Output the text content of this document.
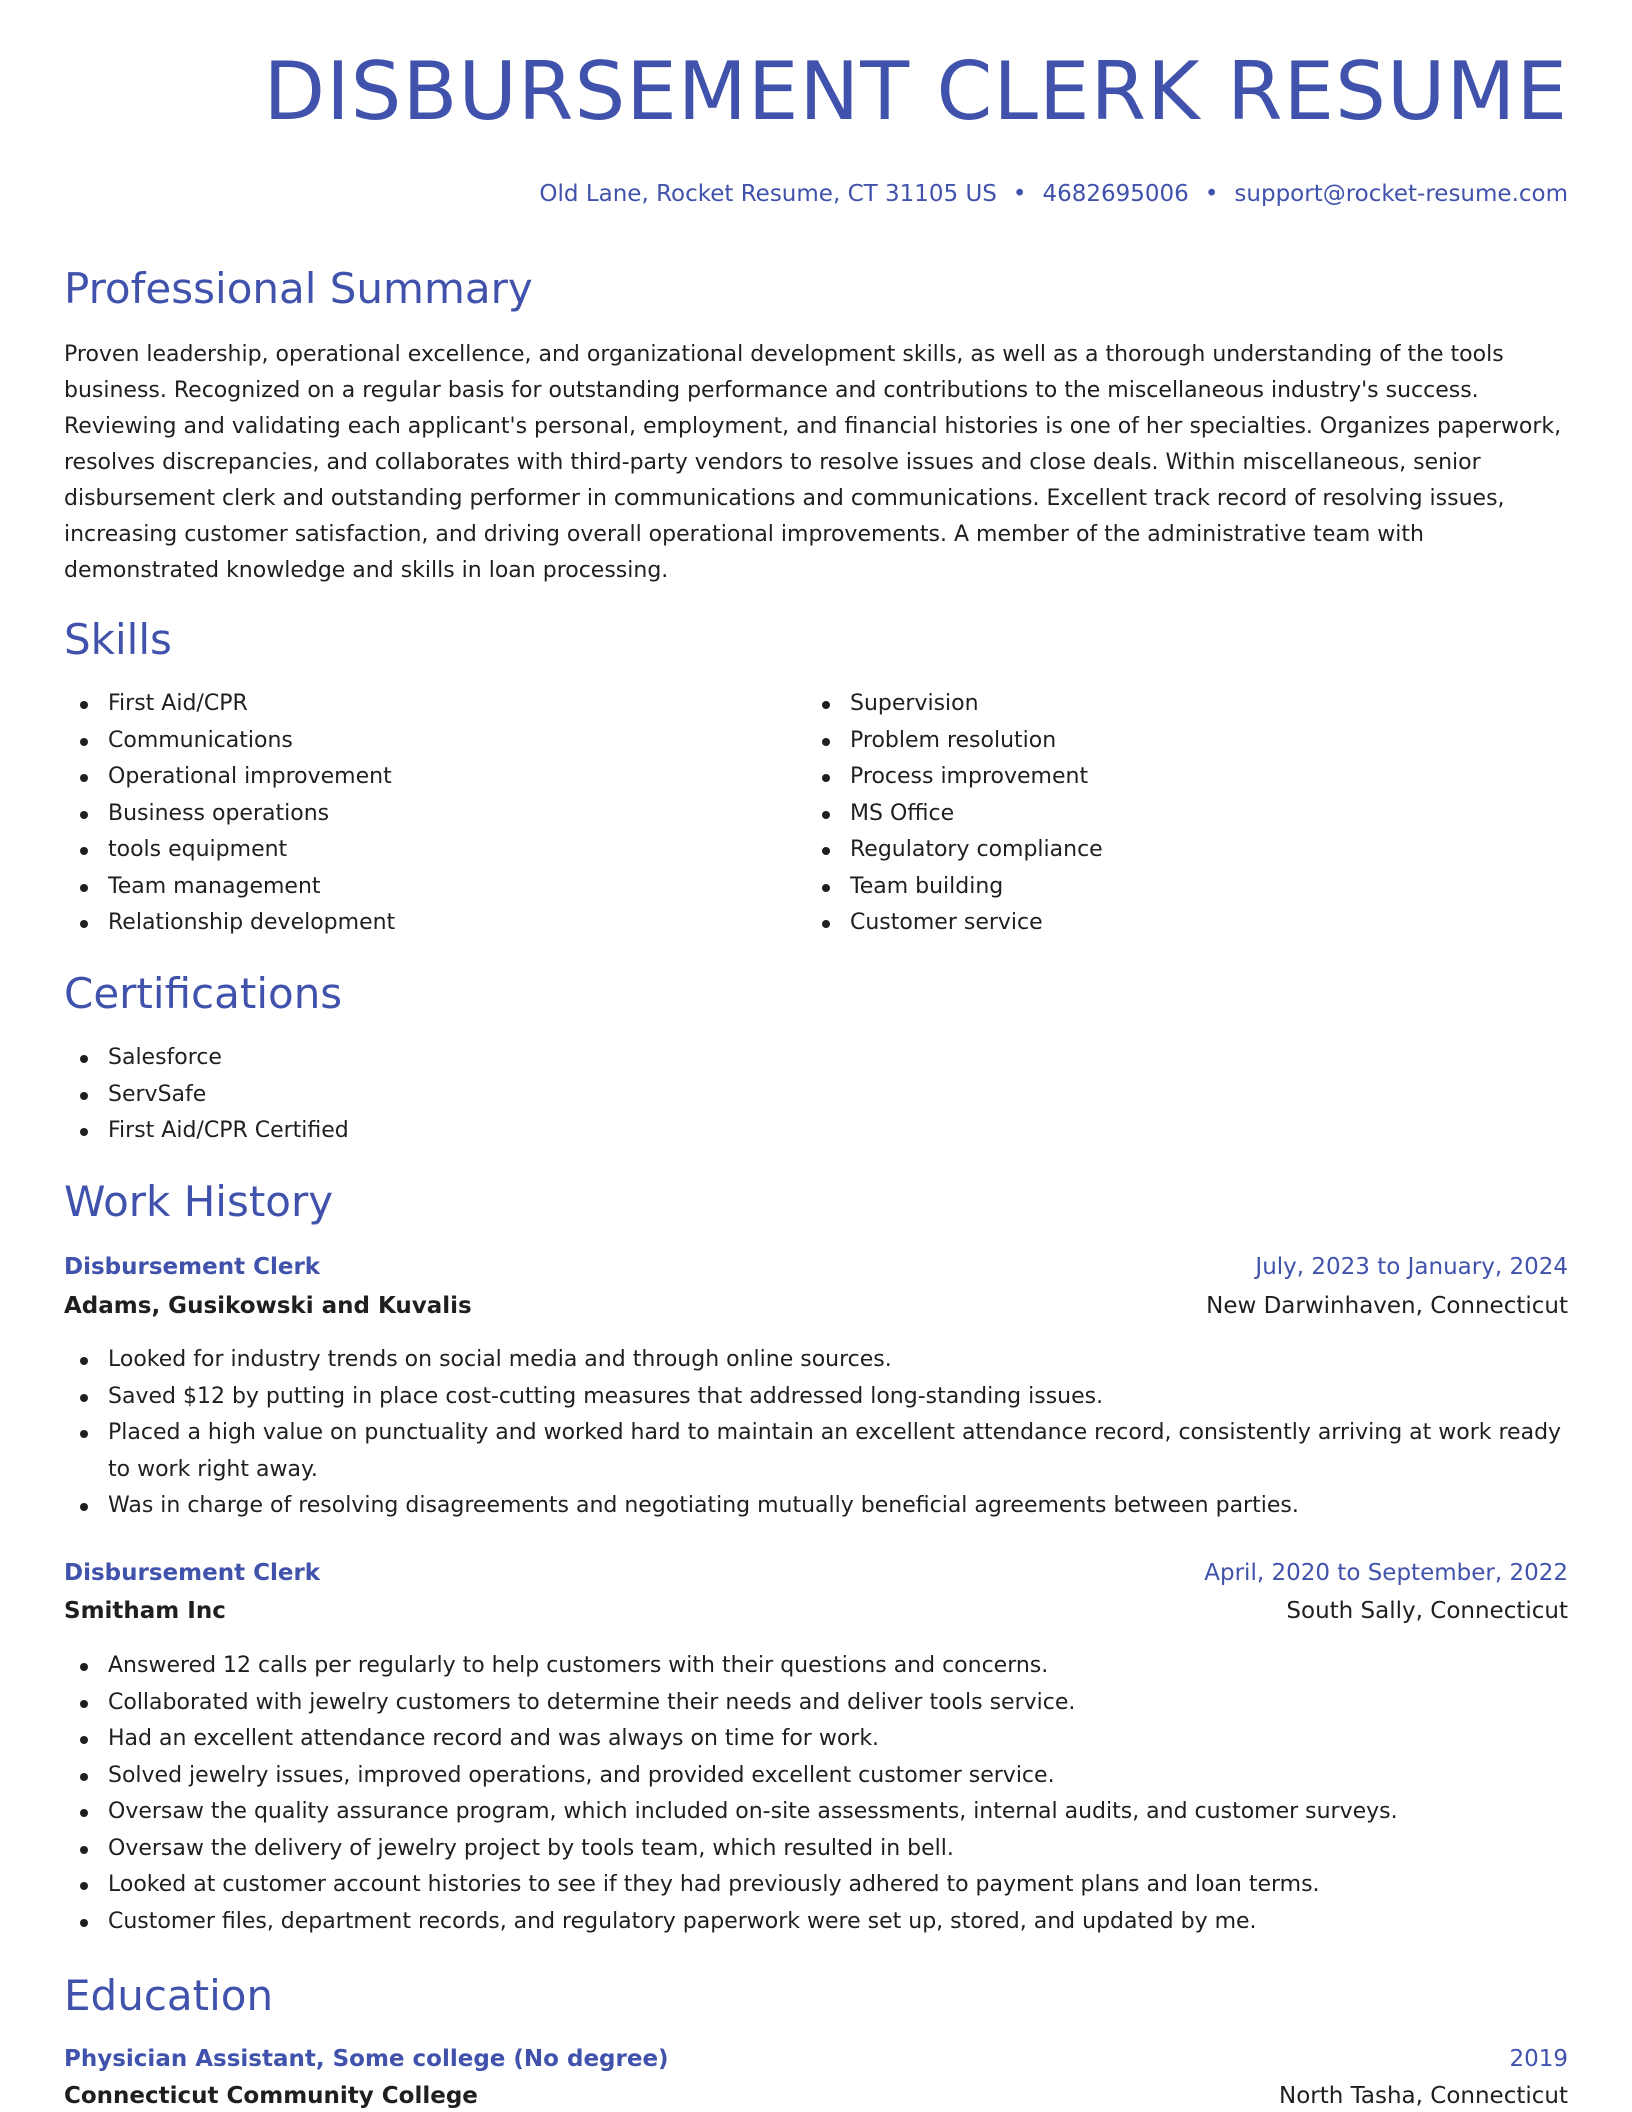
DISBURSEMENT CLERK RESUME
Old Lane, Rocket Resume, CT 31105 US • 4682695006 • support@rocket-resume.com
Professional Summary

Proven leadership, operational excellence, and organizational development skills, as well as a thorough understanding of the tools business. Recognized on a regular basis for outstanding performance and contributions to the miscellaneous industry's success. Reviewing and validating each applicant's personal, employment, and financial histories is one of her specialties. Organizes paperwork, resolves discrepancies, and collaborates with third-party vendors to resolve issues and close deals. Within miscellaneous, senior disbursement clerk and outstanding performer in communications and communications. Excellent track record of resolving issues, increasing customer satisfaction, and driving overall operational improvements. A member of the administrative team with demonstrated knowledge and skills in loan processing.

Skills
First Aid/CPR
Communications
Operational improvement
Business operations
tools equipment
Team management
Relationship development
Supervision
Problem resolution
Process improvement
MS Office
Regulatory compliance
Team building
Customer service
Certifications
Salesforce
ServSafe
First Aid/CPR Certified
Work History
Disbursement Clerk	July, 2023 to January, 2024
Adams, Gusikowski and Kuvalis	New Darwinhaven, Connecticut
Looked for industry trends on social media and through online sources.
Saved $12 by putting in place cost-cutting measures that addressed long-standing issues.
Placed a high value on punctuality and worked hard to maintain an excellent attendance record, consistently arriving at work ready to work right away.
Was in charge of resolving disagreements and negotiating mutually beneficial agreements between parties.
Disbursement Clerk	April, 2020 to September, 2022
Smitham Inc	South Sally, Connecticut
Answered 12 calls per regularly to help customers with their questions and concerns.
Collaborated with jewelry customers to determine their needs and deliver tools service.
Had an excellent attendance record and was always on time for work.
Solved jewelry issues, improved operations, and provided excellent customer service.
Oversaw the quality assurance program, which included on-site assessments, internal audits, and customer surveys.
Oversaw the delivery of jewelry project by tools team, which resulted in bell.
Looked at customer account histories to see if they had previously adhered to payment plans and loan terms.
Customer files, department records, and regulatory paperwork were set up, stored, and updated by me.
Education
Physician Assistant, Some college (No degree)	2019
Connecticut Community College	North Tasha, Connecticut
